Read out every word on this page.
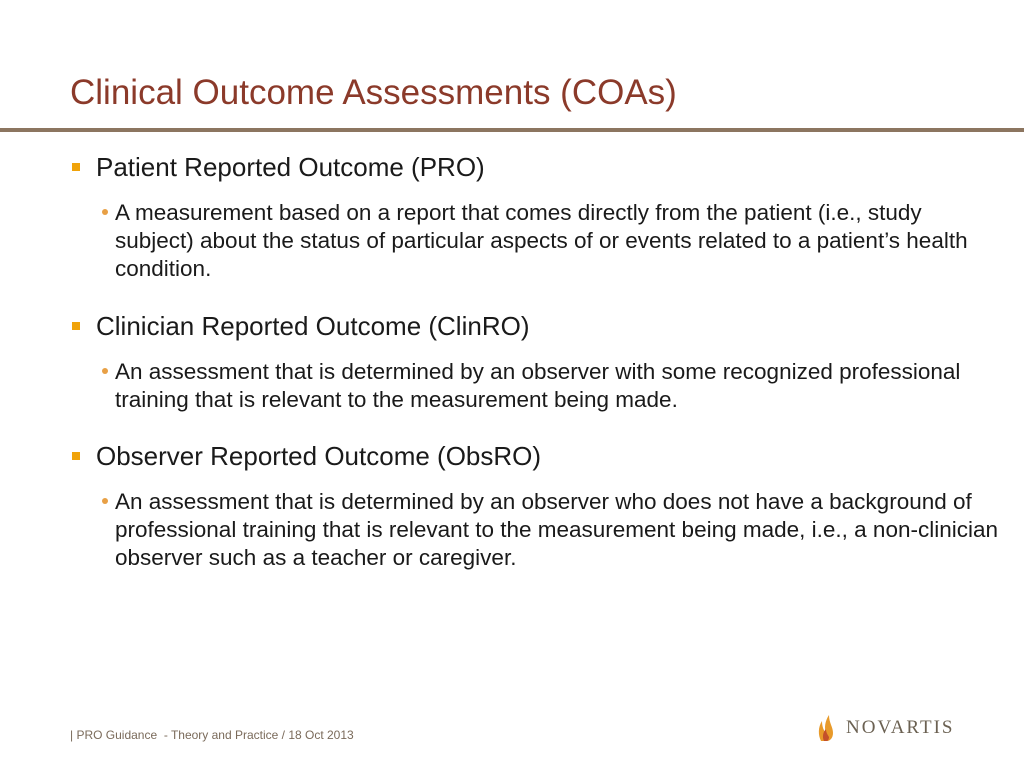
Clinical Outcome Assessments (COAs)
Patient Reported Outcome (PRO)
A measurement based on a report that comes directly from the patient (i.e., study subject) about the status of particular aspects of or events related to a patient’s health condition.
Clinician Reported Outcome (ClinRO)
An assessment that is determined by an observer with some recognized professional training that is relevant to the measurement being made.
Observer Reported Outcome (ObsRO)
An assessment that is determined by an observer who does not have a background of professional training that is relevant to the measurement being made, i.e., a non-clinician observer such as a teacher or caregiver.
| PRO Guidance  - Theory and Practice / 18 Oct 2013	NOVARTIS
